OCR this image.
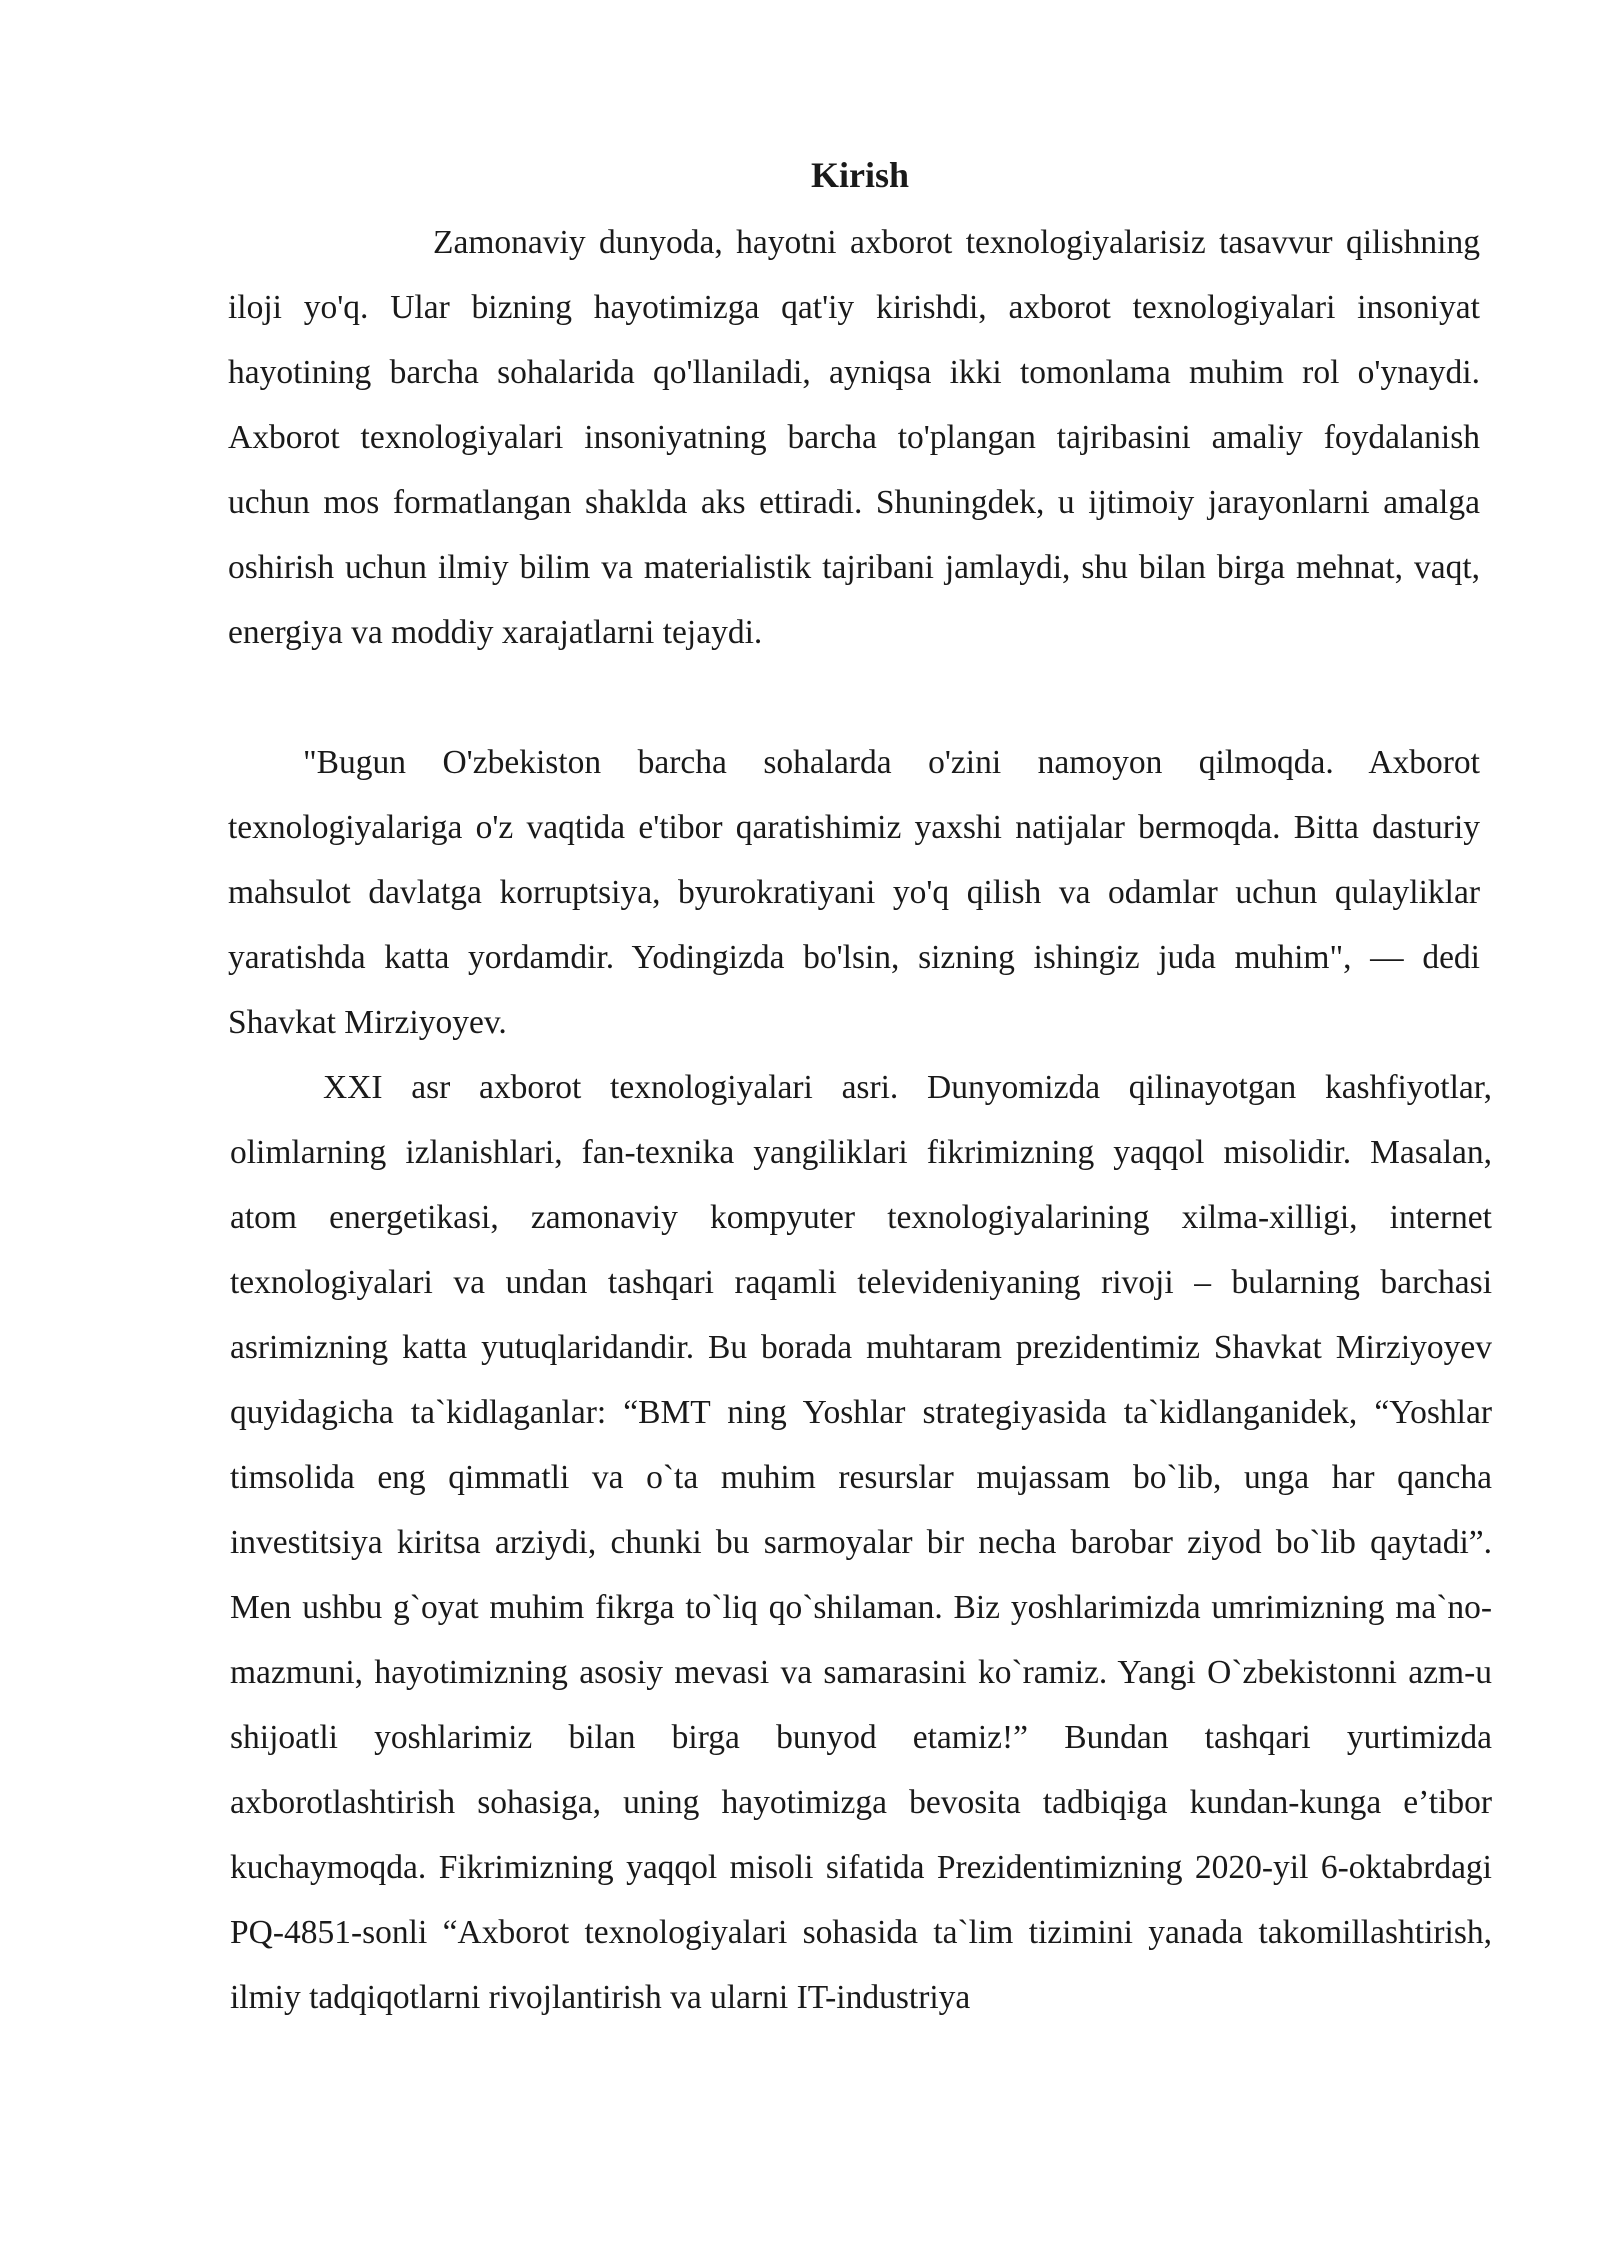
Kirish

Zamonaviy dunyoda, hayotni axborot texnologiyalarisiz tasavvur qilishning iloji yo'q. Ular bizning hayotimizga qat'iy kirishdi, axborot texnologiyalari insoniyat hayotining barcha sohalarida qo'llaniladi, ayniqsa ikki tomonlama muhim rol o'ynaydi. Axborot texnologiyalari insoniyatning barcha to'plangan tajribasini amaliy foydalanish uchun mos formatlangan shaklda aks ettiradi. Shuningdek, u ijtimoiy jarayonlarni amalga oshirish uchun ilmiy bilim va materialistik tajribani jamlaydi, shu bilan birga mehnat, vaqt, energiya va moddiy xarajatlarni tejaydi.

"Bugun O'zbekiston barcha sohalarda o'zini namoyon qilmoqda. Axborot texnologiyalariga o'z vaqtida e'tibor qaratishimiz yaxshi natijalar bermoqda. Bitta dasturiy mahsulot davlatga korruptsiya, byurokratiyani yo'q qilish va odamlar uchun qulayliklar yaratishda katta yordamdir. Yodingizda bo'lsin, sizning ishingiz juda muhim", — dedi Shavkat Mirziyoyev.

XXI asr axborot texnologiyalari asri. Dunyomizda qilinayotgan kashfiyotlar, olimlarning izlanishlari, fan-texnika yangiliklari fikrimizning yaqqol misolidir. Masalan, atom energetikasi, zamonaviy kompyuter texnologiyalarining xilma-xilligi, internet texnologiyalari va undan tashqari raqamli televideniyaning rivoji – bularning barchasi asrimizning katta yutuqlaridandir. Bu borada muhtaram prezidentimiz Shavkat Mirziyoyev quyidagicha ta`kidlaganlar: “BMT ning Yoshlar strategiyasida ta`kidlanganidek, “Yoshlar timsolida eng qimmatli va o`ta muhim resurslar mujassam bo`lib, unga har qancha investitsiya kiritsa arziydi, chunki bu sarmoyalar bir necha barobar ziyod bo`lib qaytadi”. Men ushbu g`oyat muhim fikrga to`liq qo`shilaman. Biz yoshlarimizda umrimizning ma`no-mazmuni, hayotimizning asosiy mevasi va samarasini ko`ramiz. Yangi O`zbekistonni azm-u shijoatli yoshlarimiz bilan birga bunyod etamiz!” Bundan tashqari yurtimizda axborotlashtirish sohasiga, uning hayotimizga bevosita tadbiqiga kundan-kunga e’tibor kuchaymoqda. Fikrimizning yaqqol misoli sifatida Prezidentimizning 2020-yil 6-oktabrdagi PQ-4851-sonli “Axborot texnologiyalari sohasida ta`lim tizimini yanada takomillashtirish, ilmiy tadqiqotlarni rivojlantirish va ularni IT-industriya
